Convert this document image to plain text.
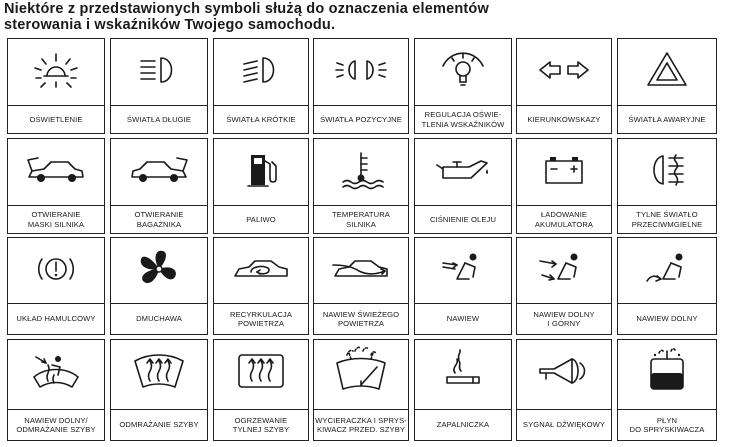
Niektóre z przedstawionych symboli służą do oznaczenia elementów
sterowania i wskaźników Twojego samochodu.
OŚWIETLENIE	ŚWIATŁA DŁUGIE	ŚWIATŁA KRÓTKIE	ŚWIATŁA POZYCYJNE
REGULACJA OŚWIE-
TLENIA WSKAŹNIKÓW
KIERUNKOWSKAZY	ŚWIATŁA AWARYJNE
OTWIERANIE
MASKI SILNIKA
OTWIERANIE
BAGAŻNIKA
PALIWO
TEMPERATURA
SILNIKA
CIŚNIENIE OLEJU
ŁADOWANIE
AKUMULATORA
TYLNE ŚWIATŁO
PRZECIWMGIELNE
UKŁAD HAMULCOWY	DMUCHAWA
RECYRKULACJA
POWIETRZA
NAWIEW ŚWIEŻEGO
POWIETRZA
NAWIEW
NAWIEW DOLNY
I GÓRNY
NAWIEW DOLNY
NAWIEW DOLNY/
ODMRAŻANIE SZYBY
ODMRAŻANIE SZYBY
OGRZEWANIE
TYLNEJ SZYBY
WYCIERACZKA I SPRYS-
KIWACZ PRZED. SZYBY
ZAPALNICZKA	SYGNAŁ DŹWIĘKOWY
PŁYN
DO SPRYSKIWACZA
